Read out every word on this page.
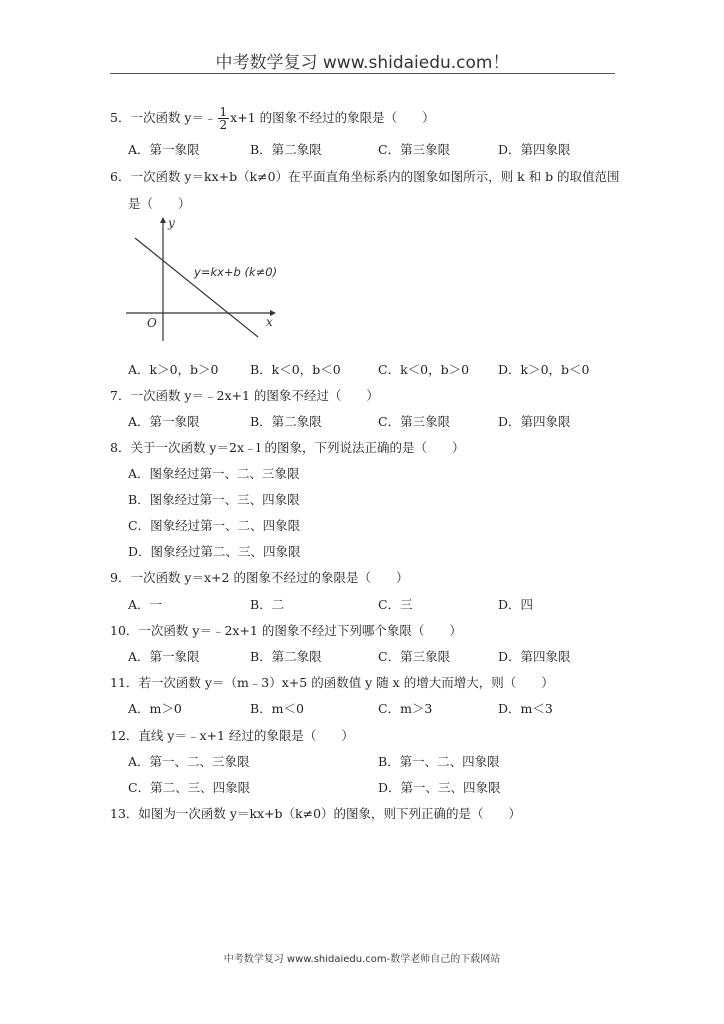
中考数学复习 www.shidaiedu.com！
5．一次函数 y＝﹣ $\frac{1}{2} x+1$ 的图象不经过的象限是（　　）
A．第一象限	B．第二象限	C．第三象限	D．第四象限
6．一次函数 y＝kx+b（k≠0）在平面直角坐标系内的图象如图所示，则 k 和 b 的取值范围
是（　　）
y
x
O
y=kx+b (k≠0)
A．k＞0，b＞0	B．k＜0，b＜0	C．k＜0，b＞0 D．k＞0，b＜0
7．一次函数 y＝﹣2x+1 的图象不经过（　　）
A．第一象限	B．第二象限	C．第三象限	D．第四象限
8．关于一次函数 y＝2x﹣l 的图象，下列说法正确的是（　　）
A．图象经过第一、二、三象限
B．图象经过第一、三、四象限
C．图象经过第一、二、四象限
D．图象经过第二、三、四象限
9．一次函数 y＝x+2 的图象不经过的象限是（　　）
A．一	B．二	C．三	D．四
10．一次函数 y＝﹣2x+1 的图象不经过下列哪个象限（　　）
A．第一象限	B．第二象限	C．第三象限	D．第四象限
11．若一次函数 y＝（m﹣3）x+5 的函数值 y 随 x 的增大而增大，则（　　）
A．m＞0	B．m＜0	C．m＞3	D．m＜3
12．直线 y＝﹣x+1 经过的象限是（　　）
A．第一、二、三象限	B．第一、二、四象限
C．第二、三、四象限	D．第一、三、四象限
13．如图为一次函数 y＝kx+b（k≠0）的图象，则下列正确的是（　　）
中考数学复习 www.shidaiedu.com-数学老师自己的下载网站
